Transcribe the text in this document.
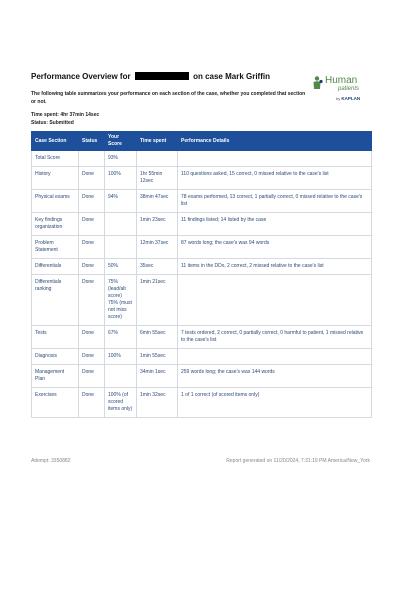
Performance Overview for	on case Mark Griffin	Human
patients
by KAPLAN
The following table summarizes your performance on each section of the case, whether you completed that section or not.
Time spent: 4hr 37min 14sec
Status: Submitted
Case Section	Status	Your Score	Time spent	Performance Details
Total Score		93%		
History	Done	100%	1hr 55min 12sec	110 questions asked, 15 correct, 0 missed relative to the case's list
Physical exams	Done	94%	38min 47sec	78 exams performed, 13 correct, 1 partially correct, 0 missed relative to the case's list
Key findings organization	Done		1min 23sec	11 findings listed; 14 listed by the case
Problem Statement	Done		12min 37sec	87 words long; the case's was 94 words
Differentials	Done	50%	35sec	11 items in the DDx, 2 correct, 2 missed relative to the case's list
Differentials ranking	Done	75% (lead/alt score) 75% (must not miss score)	1min 21sec	
Tests	Done	67%	6min 55sec	7 tests ordered, 2 correct, 0 partially correct, 0 harmful to patient, 1 missed relative to the case's list
Diagnosis	Done	100%	1min 55sec	
Management Plan	Done		34min 1sec	259 words long; the case's was 144 words
Exercises	Done	100% (of scored items only)	1min 32sec	1 of 1 correct (of scored items only)
Attempt: 3350882	Report generated on 11/20/2024, 7:31:19 PM America/New_York
